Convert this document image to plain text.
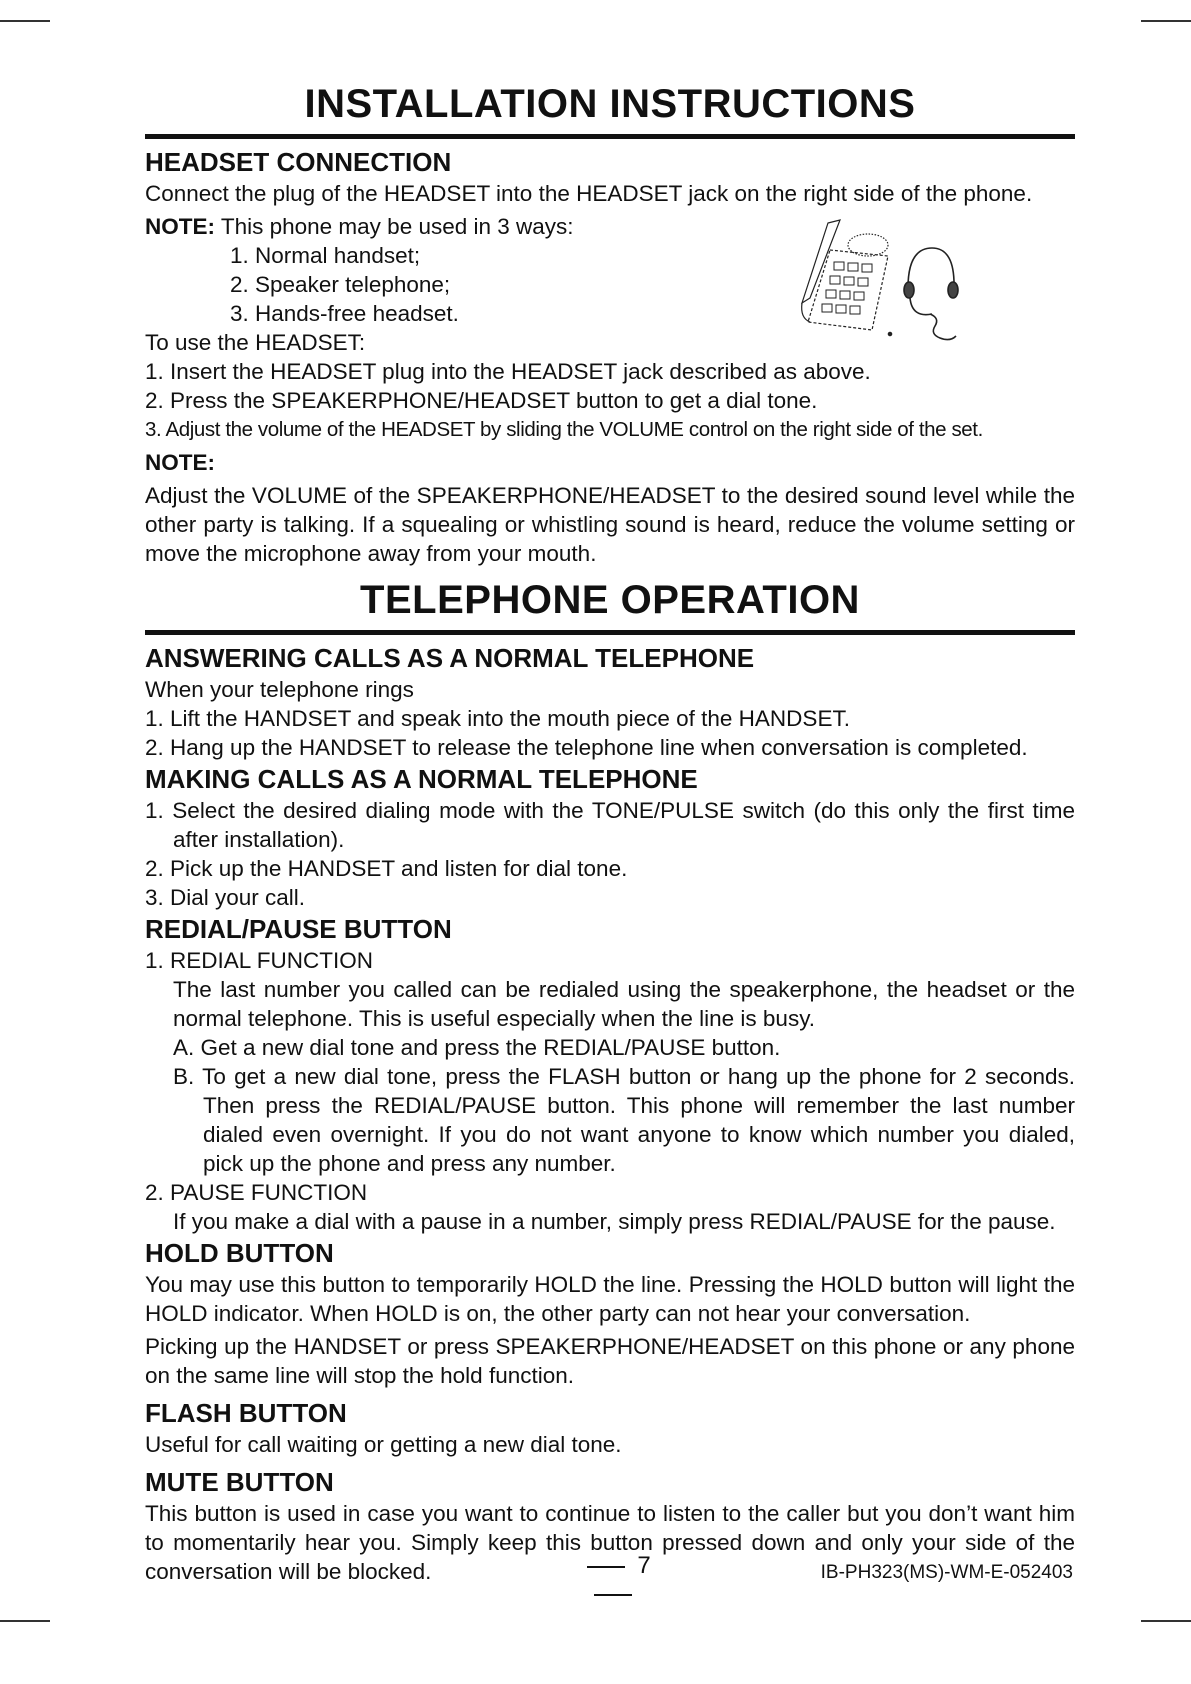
INSTALLATION INSTRUCTIONS
HEADSET CONNECTION

Connect the plug of the HEADSET into the HEADSET jack on the right side of the phone.

NOTE: This phone may be used in 3 ways:

1. Normal handset;

2. Speaker telephone;

3. Hands-free headset.

To use the HEADSET:

1. Insert the HEADSET plug into the HEADSET jack described as above.

2. Press the SPEAKERPHONE/HEADSET button to get a dial tone.

3. Adjust the volume of the HEADSET by sliding the VOLUME control on the right side of the set.

NOTE:

Adjust the VOLUME of the SPEAKERPHONE/HEADSET to the desired sound level while the other party is talking. If a squealing or whistling sound is heard, reduce the volume setting or move the microphone away from your mouth.

TELEPHONE OPERATION
ANSWERING CALLS AS A NORMAL TELEPHONE

When your telephone rings

1. Lift the HANDSET and speak into the mouth piece of the HANDSET.

2. Hang up the HANDSET to release the telephone line when conversation is completed.

MAKING CALLS AS A NORMAL TELEPHONE

1. Select the desired dialing mode with the TONE/PULSE switch (do this only the first time after installation).

2. Pick up the HANDSET and listen for dial tone.

3. Dial your call.

REDIAL/PAUSE BUTTON

1. REDIAL FUNCTION

The last number you called can be redialed using the speakerphone, the headset or the normal telephone. This is useful especially when the line is busy.

A. Get a new dial tone and press the REDIAL/PAUSE button.

B. To get a new dial tone, press the FLASH button or hang up the phone for 2 seconds. Then press the REDIAL/PAUSE button. This phone will remember the last number dialed even overnight. If you do not want anyone to know which number you dialed, pick up the phone and press any number.

2. PAUSE FUNCTION

If you make a dial with a pause in a number, simply press REDIAL/PAUSE for the pause.

HOLD BUTTON

You may use this button to temporarily HOLD the line. Pressing the HOLD button will light the HOLD indicator. When HOLD is on, the other party can not hear your conversation.

Picking up the HANDSET or press SPEAKERPHONE/HEADSET on this phone or any phone on the same line will stop the hold function.

FLASH BUTTON

Useful for call waiting or getting a new dial tone.

MUTE BUTTON

This button is used in case you want to continue to listen to the caller but you don’t want him to momentarily hear you. Simply keep this button pressed down and only your side of the conversation will be blocked.	7	IB-PH323(MS)-WM-E-052403
